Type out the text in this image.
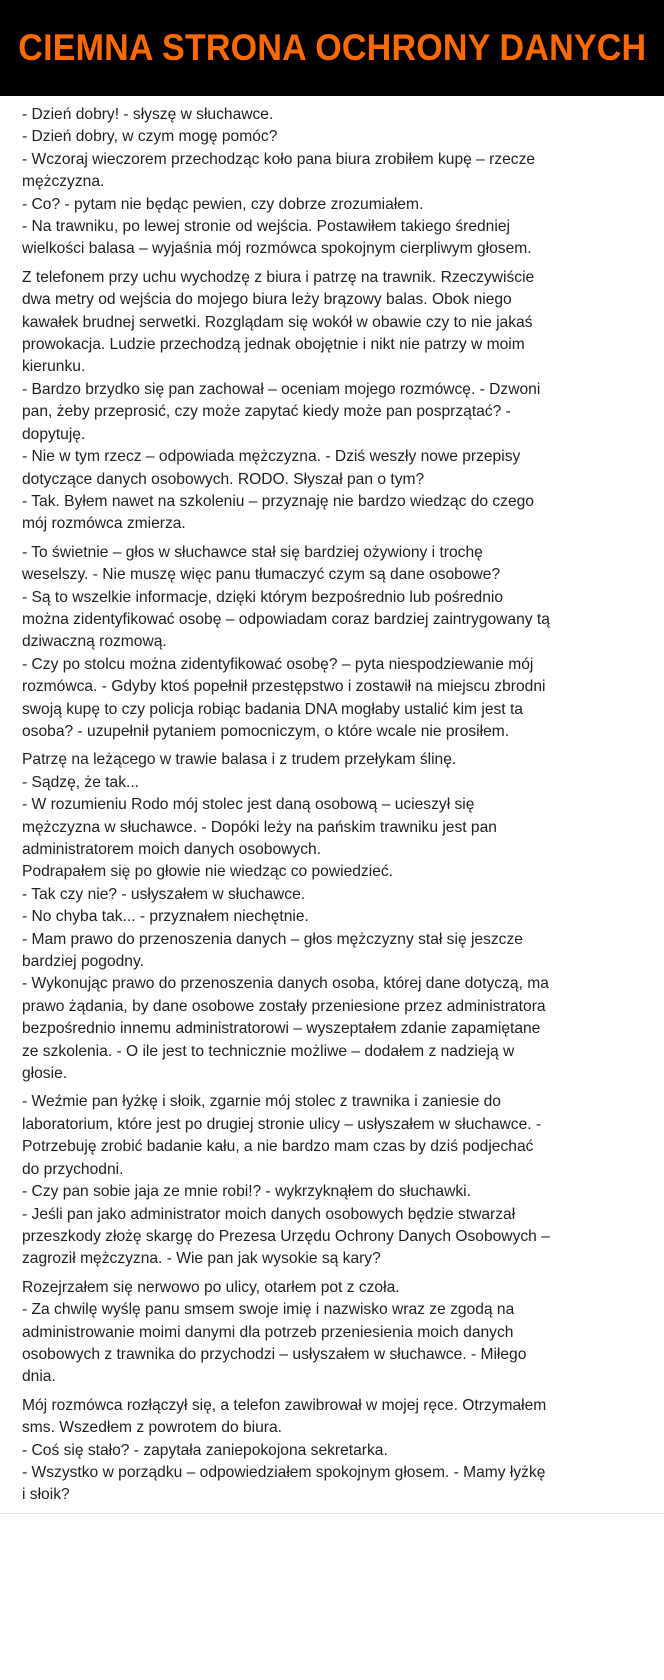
CIEMNA STRONA OCHRONY DANYCH
- Dzień dobry! - słyszę w słuchawce.
- Dzień dobry, w czym mogę pomóc?
- Wczoraj wieczorem przechodząc koło pana biura zrobiłem kupę – rzecze
mężczyzna.
- Co? - pytam nie będąc pewien, czy dobrze zrozumiałem.
- Na trawniku, po lewej stronie od wejścia. Postawiłem takiego średniej
wielkości balasa – wyjaśnia mój rozmówca spokojnym cierpliwym głosem.
Z telefonem przy uchu wychodzę z biura i patrzę na trawnik. Rzeczywiście
dwa metry od wejścia do mojego biura leży brązowy balas. Obok niego
kawałek brudnej serwetki. Rozglądam się wokół w obawie czy to nie jakaś
prowokacja. Ludzie przechodzą jednak obojętnie i nikt nie patrzy w moim
kierunku.
- Bardzo brzydko się pan zachował – oceniam mojego rozmówcę. - Dzwoni
pan, żeby przeprosić, czy może zapytać kiedy może pan posprzątać? -
dopytuję.
- Nie w tym rzecz – odpowiada mężczyzna. - Dziś weszły nowe przepisy
dotyczące danych osobowych. RODO. Słyszał pan o tym?
- Tak. Byłem nawet na szkoleniu – przyznaję nie bardzo wiedząc do czego
mój rozmówca zmierza.
- To świetnie – głos w słuchawce stał się bardziej ożywiony i trochę
weselszy. - Nie muszę więc panu tłumaczyć czym są dane osobowe?
- Są to wszelkie informacje, dzięki którym bezpośrednio lub pośrednio
można zidentyfikować osobę – odpowiadam coraz bardziej zaintrygowany tą
dziwaczną rozmową.
- Czy po stolcu można zidentyfikować osobę? – pyta niespodziewanie mój
rozmówca. - Gdyby ktoś popełnił przestępstwo i zostawił na miejscu zbrodni
swoją kupę to czy policja robiąc badania DNA mogłaby ustalić kim jest ta
osoba? - uzupełnił pytaniem pomocniczym, o które wcale nie prosiłem.
Patrzę na leżącego w trawie balasa i z trudem przełykam ślinę.
- Sądzę, że tak...
- W rozumieniu Rodo mój stolec jest daną osobową – ucieszył się
mężczyzna w słuchawce. - Dopóki leży na pańskim trawniku jest pan
administratorem moich danych osobowych.
Podrapałem się po głowie nie wiedząc co powiedzieć.
- Tak czy nie? - usłyszałem w słuchawce.
- No chyba tak... - przyznałem niechętnie.
- Mam prawo do przenoszenia danych – głos mężczyzny stał się jeszcze
bardziej pogodny.
- Wykonując prawo do przenoszenia danych osoba, której dane dotyczą, ma
prawo żądania, by dane osobowe zostały przeniesione przez administratora
bezpośrednio innemu administratorowi – wyszeptałem zdanie zapamiętane
ze szkolenia. - O ile jest to technicznie możliwe – dodałem z nadzieją w
głosie.
- Weźmie pan łyżkę i słoik, zgarnie mój stolec z trawnika i zaniesie do
laboratorium, które jest po drugiej stronie ulicy – usłyszałem w słuchawce. -
Potrzebuję zrobić badanie kału, a nie bardzo mam czas by dziś podjechać
do przychodni.
- Czy pan sobie jaja ze mnie robi!? - wykrzyknąłem do słuchawki.
- Jeśli pan jako administrator moich danych osobowych będzie stwarzał
przeszkody złożę skargę do Prezesa Urzędu Ochrony Danych Osobowych –
zagroził mężczyzna. - Wie pan jak wysokie są kary?
Rozejrzałem się nerwowo po ulicy, otarłem pot z czoła.
- Za chwilę wyślę panu smsem swoje imię i nazwisko wraz ze zgodą na
administrowanie moimi danymi dla potrzeb przeniesienia moich danych
osobowych z trawnika do przychodzi – usłyszałem w słuchawce. - Miłego
dnia.
Mój rozmówca rozłączył się, a telefon zawibrował w mojej ręce. Otrzymałem
sms. Wszedłem z powrotem do biura.
- Coś się stało? - zapytała zaniepokojona sekretarka.
- Wszystko w porządku – odpowiedziałem spokojnym głosem. - Mamy łyżkę
i słoik?
